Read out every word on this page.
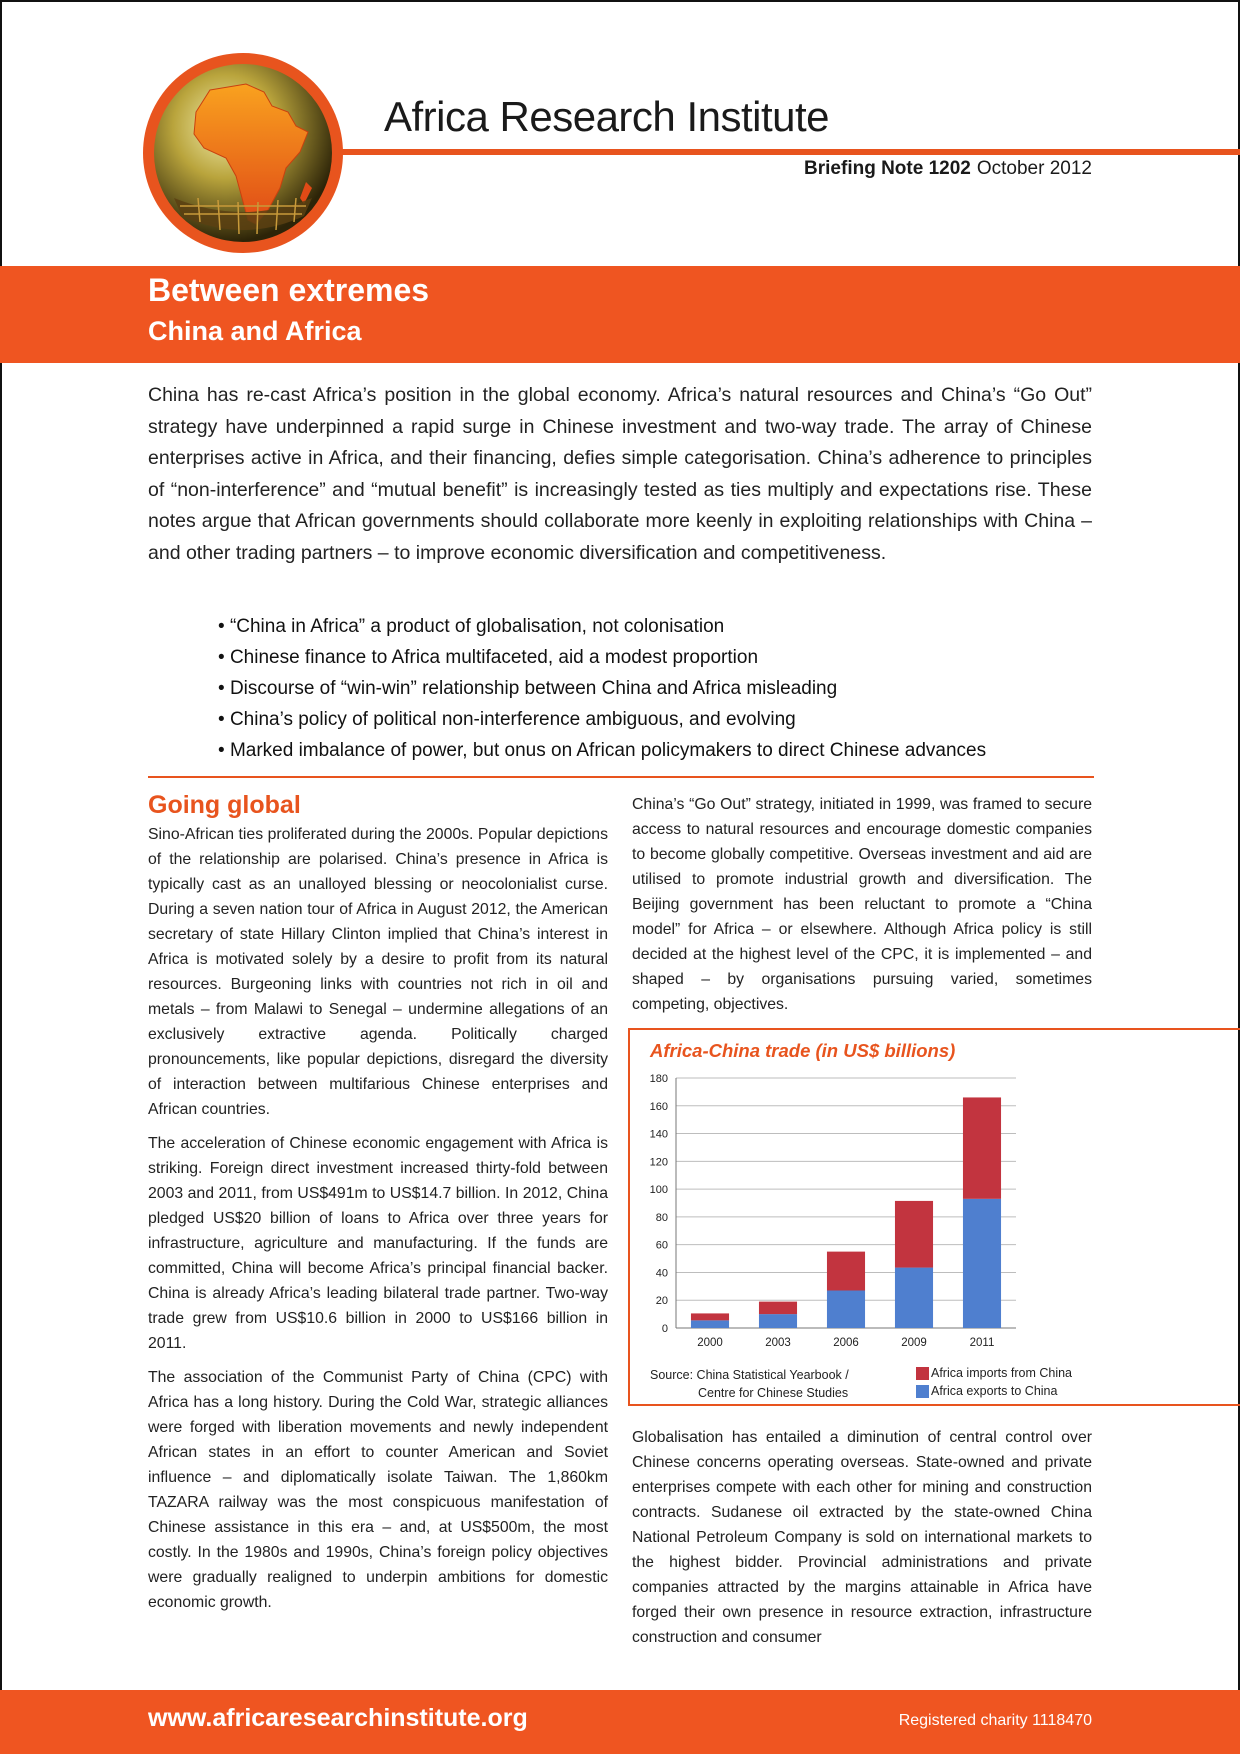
Africa Research Institute
Briefing Note 1202 October 2012
Between extremes
China and Africa

China has re-cast Africa’s position in the global economy. Africa’s natural resources and China’s “Go Out” strategy have underpinned a rapid surge in Chinese investment and two-way trade. The array of Chinese enterprises active in Africa, and their financing, defies simple categorisation. China’s adherence to principles of “non-interference” and “mutual benefit” is increasingly tested as ties multiply and expectations rise. These notes argue that African governments should collaborate more keenly in exploiting relationships with China – and other trading partners – to improve economic diversification and competitiveness.

• “China in Africa” a product of globalisation, not colonisation
• Chinese finance to Africa multifaceted, aid a modest proportion
• Discourse of “win-win” relationship between China and Africa misleading
• China’s policy of political non-interference ambiguous, and evolving
• Marked imbalance of power, but onus on African policymakers to direct Chinese advances
Going global

Sino-African ties proliferated during the 2000s. Popular depictions of the relationship are polarised. China’s presence in Africa is typically cast as an unalloyed blessing or neocolonialist curse. During a seven nation tour of Africa in August 2012, the American secretary of state Hillary Clinton implied that China’s interest in Africa is motivated solely by a desire to profit from its natural resources. Burgeoning links with countries not rich in oil and metals – from Malawi to Senegal – undermine allegations of an exclusively extractive agenda. Politically charged pronouncements, like popular depictions, disregard the diversity of interaction between multifarious Chinese enterprises and African countries.

The acceleration of Chinese economic engagement with Africa is striking. Foreign direct investment increased thirty-fold between 2003 and 2011, from US$491m to US$14.7 billion. In 2012, China pledged US$20 billion of loans to Africa over three years for infrastructure, agriculture and manufacturing. If the funds are committed, China will become Africa’s principal financial backer. China is already Africa’s leading bilateral trade partner. Two-way trade grew from US$10.6 billion in 2000 to US$166 billion in 2011.

The association of the Communist Party of China (CPC) with Africa has a long history. During the Cold War, strategic alliances were forged with liberation movements and newly independent African states in an effort to counter American and Soviet influence – and diplomatically isolate Taiwan. The 1,860km TAZARA railway was the most conspicuous manifestation of Chinese assistance in this era – and, at US$500m, the most costly. In the 1980s and 1990s, China’s foreign policy objectives were gradually realigned to underpin ambitions for domestic economic growth.

China’s “Go Out” strategy, initiated in 1999, was framed to secure access to natural resources and encourage domestic companies to become globally competitive. Overseas investment and aid are utilised to promote industrial growth and diversification. The Beijing government has been reluctant to promote a “China model” for Africa – or elsewhere. Although Africa policy is still decided at the highest level of the CPC, it is implemented – and shaped – by organisations pursuing varied, sometimes competing, objectives.

0
20
40
60
80
100
120
140
160
180
2000	2003	2006	2009	2011
Africa-China trade (in US$ billions)
Source: China Statistical Yearbook /
Centre for Chinese Studies
Africa imports from China
Africa exports to China

Globalisation has entailed a diminution of central control over Chinese concerns operating overseas. State-owned and private enterprises compete with each other for mining and construction contracts. Sudanese oil extracted by the state-owned China National Petroleum Company is sold on international markets to the highest bidder. Provincial administrations and private companies attracted by the margins attainable in Africa have forged their own presence in resource extraction, infrastructure construction and consumer

www.africaresearchinstitute.org	Registered charity 1118470
